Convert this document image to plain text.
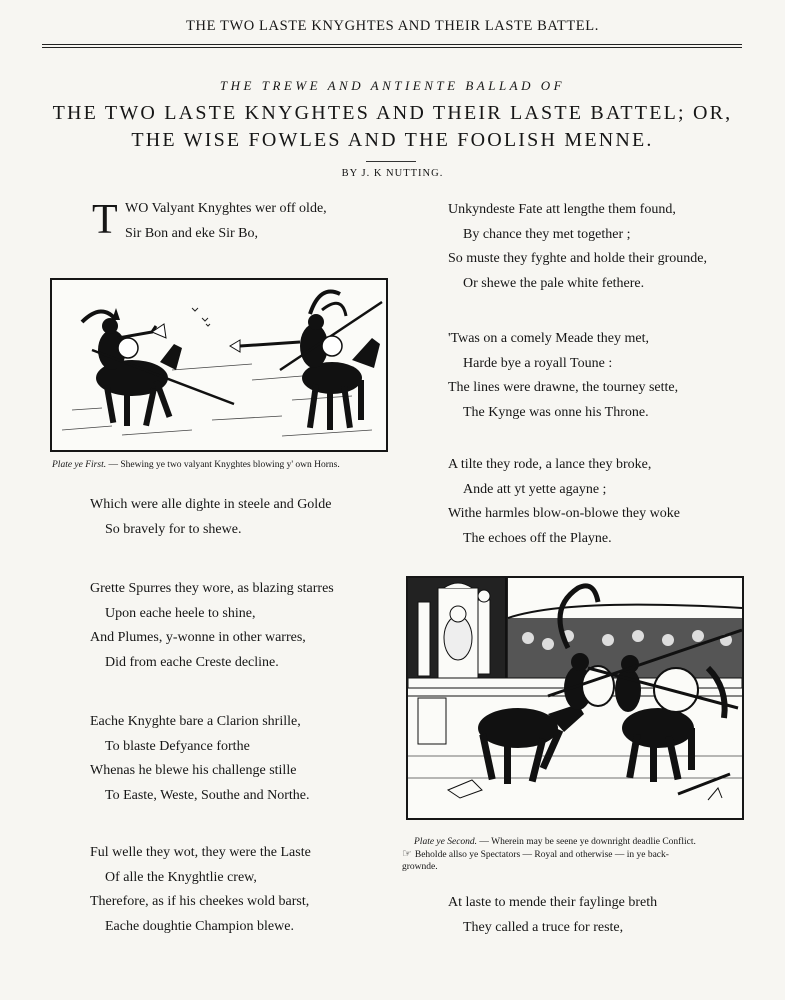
THE TWO LASTE KNYGHTES AND THEIR LASTE BATTEL.
THE TREWE AND ANTIENTE BALLAD OF
THE TWO LASTE KNYGHTES AND THEIR LASTE BATTEL; OR,
THE WISE FOWLES AND THE FOOLISH MENNE.
BY J. K NUTTING.
T WO Valyant Knyghtes wer off olde,
Sir Bon and eke Sir Bo,
Plate ye First. — Shewing ye two valyant Knyghtes blowing y' own Horns.
Which were alle dighte in steele and Golde
So bravely for to shewe.
Grette Spurres they wore, as blazing starres
Upon eache heele to shine,
And Plumes, y-wonne in other warres,
Did from eache Creste decline.
Eache Knyghte bare a Clarion shrille,
To blaste Defyance forthe
Whenas he blewe his challenge stille
To Easte, Weste, Southe and Northe.
Ful welle they wot, they were the Laste
Of alle the Knyghtlie crew,
Therefore, as if his cheekes wold barst,
Eache doughtie Champion blewe.
Unkyndeste Fate att lengthe them found,
By chance they met together ;
So muste they fyghte and holde their grounde,
Or shewe the pale white fethere.
'Twas on a comely Meade they met,
Harde bye a royall Toune :
The lines were drawne, the tourney sette,
The Kynge was onne his Throne.
A tilte they rode, a lance they broke,
Ande att yt yette agayne ;
Withe harmles blow-on-blowe they woke
The echoes off the Playne.
Plate ye Second. — Wherein may be seene ye downright deadlie Conflict.
☞ Beholde allso ye Spectators — Royal and otherwise — in ye back-
grownde.
At laste to mende their faylinge breth
They called a truce for reste,
